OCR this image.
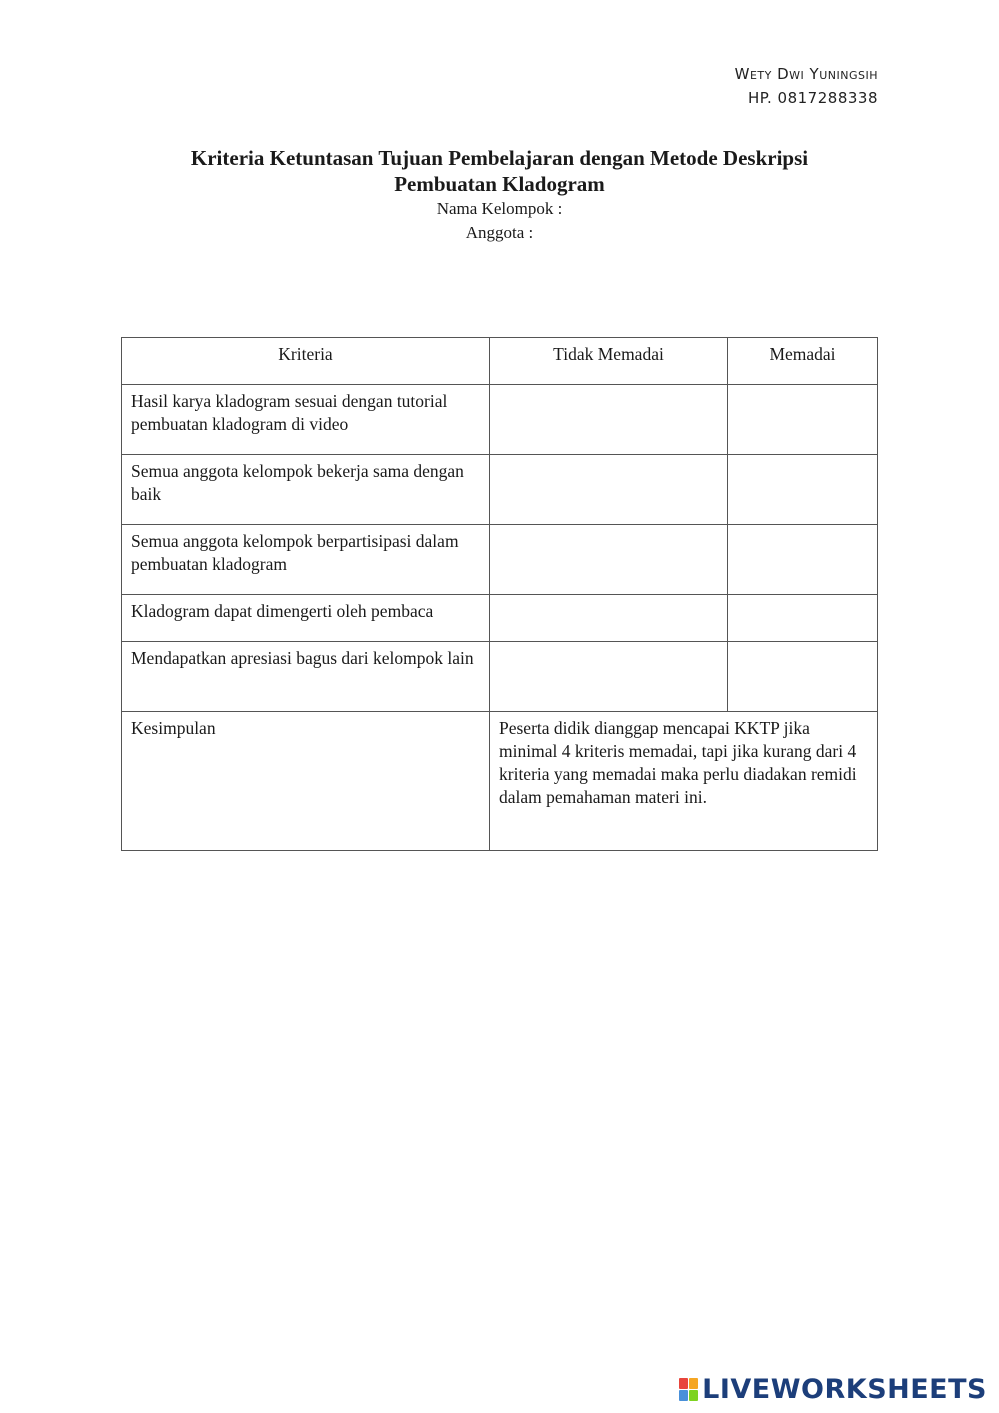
Wety Dwi Yuningsih
HP. 0817288338
Kriteria Ketuntasan Tujuan Pembelajaran dengan Metode Deskripsi
Pembuatan Kladogram
Nama Kelompok :
Anggota :
Kriteria	Tidak Memadai	Memadai
Hasil karya kladogram sesuai dengan tutorial pembuatan kladogram di video		
Semua anggota kelompok bekerja sama dengan baik		
Semua anggota kelompok berpartisipasi dalam pembuatan kladogram		
Kladogram dapat dimengerti oleh pembaca		
Mendapatkan apresiasi bagus dari kelompok lain		
Kesimpulan	Peserta didik dianggap mencapai KKTP jika minimal 4 kriteris memadai, tapi jika kurang dari 4 kriteria yang memadai maka perlu diadakan remidi dalam pemahaman materi ini.	
LIVEWORKSHEETS
